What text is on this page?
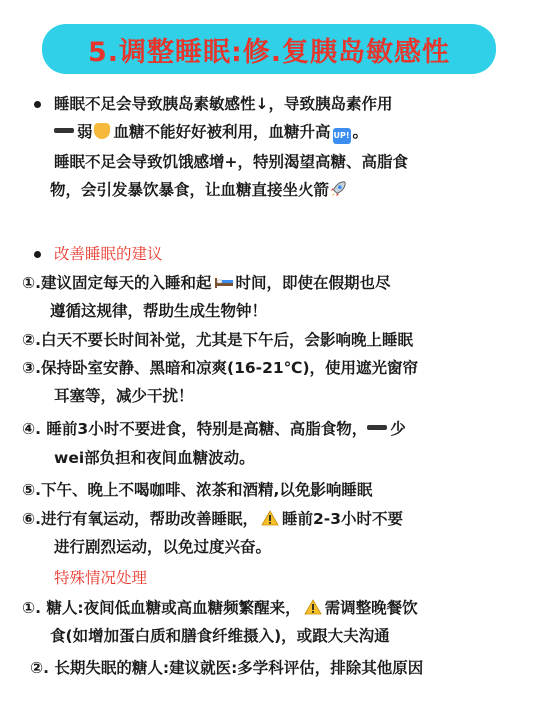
5.调整睡眠:修.复胰岛敏感性
睡眠不足会导致胰岛素敏感性↓，导致胰岛素作用
弱 血糖不能好好被利用，血糖升高 UP! 。
睡眠不足会导致饥饿感增+，特别渴望高糖、高脂食
物，会引发暴饮暴食，让血糖直接坐火箭
改善睡眠的建议
①.建议固定每天的入睡和起 时间，即使在假期也尽
遵循这规律，帮助生成生物钟！
②.白天不要长时间补觉，尤其是下午后，会影响晚上睡眠
③.保持卧室安静、黑暗和凉爽(16-21℃)，使用遮光窗帘
耳塞等，减少干扰！
④. 睡前3小时不要进食，特别是高糖、高脂食物， 少
wei部负担和夜间血糖波动。
⑤.下午、晚上不喝咖啡、浓茶和酒精,以免影响睡眠
⑥.进行有氧运动，帮助改善睡眠， 睡前2-3小时不要
进行剧烈运动，以免过度兴奋。
特殊情况处理
①. 糖人:夜间低血糖或高血糖频繁醒来， 需调整晚餐饮
食(如增加蛋白质和膳食纤维摄入)，或跟大夫沟通
②. 长期失眠的糖人:建议就医:多学科评估，排除其他原因
